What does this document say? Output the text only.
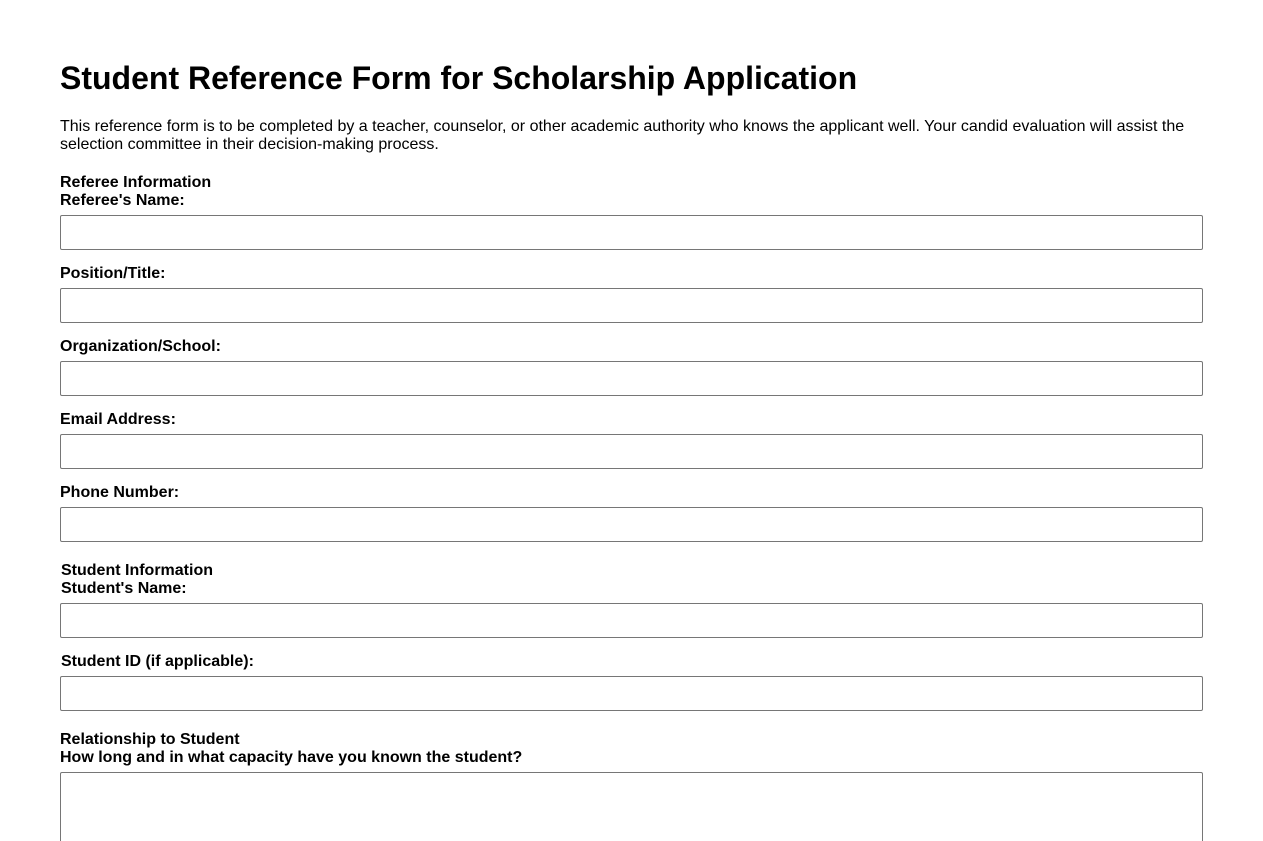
Student Reference Form for Scholarship Application

This reference form is to be completed by a teacher, counselor, or other academic authority who knows the applicant well. Your candid evaluation will assist the selection committee in their decision-making process.

Referee Information
Referee's Name:
Position/Title:
Organization/School:
Email Address:
Phone Number:
Student Information
Student's Name:
Student ID (if applicable):
Relationship to Student
How long and in what capacity have you known the student?
